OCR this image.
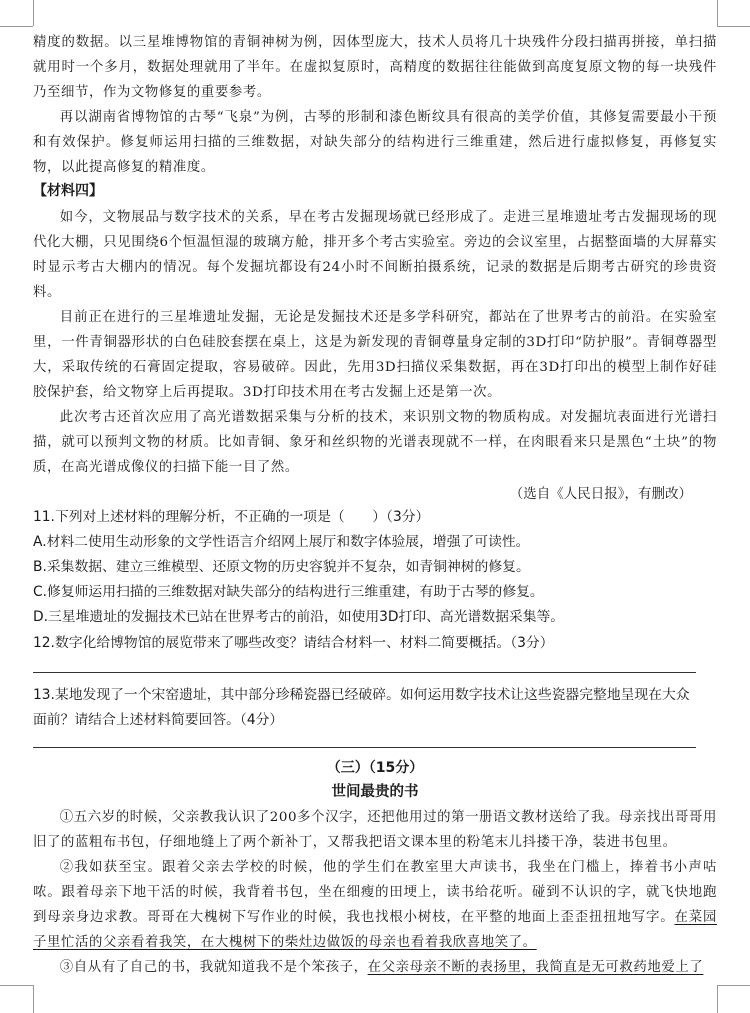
精度的数据。以三星堆博物馆的青铜神树为例，因体型庞大，技术人员将几十块残件分段扫描再拼接，单扫描就用时一个多月，数据处理就用了半年。在虚拟复原时，高精度的数据往往能做到高度复原文物的每一块残件乃至细节，作为文物修复的重要参考。

再以湖南省博物馆的古琴“飞泉”为例，古琴的形制和漆色断纹具有很高的美学价值，其修复需要最小干预和有效保护。修复师运用扫描的三维数据，对缺失部分的结构进行三维重建，然后进行虚拟修复，再修复实物，以此提高修复的精准度。

【材料四】

如今，文物展品与数字技术的关系，早在考古发掘现场就已经形成了。走进三星堆遗址考古发掘现场的现代化大棚，只见围绕6个恒温恒湿的玻璃方舱，排开多个考古实验室。旁边的会议室里，占据整面墙的大屏幕实时显示考古大棚内的情况。每个发掘坑都设有24小时不间断拍摄系统，记录的数据是后期考古研究的珍贵资料。

目前正在进行的三星堆遗址发掘，无论是发掘技术还是多学科研究，都站在了世界考古的前沿。在实验室里，一件青铜器形状的白色硅胶套摆在桌上，这是为新发现的青铜尊量身定制的3D打印“防护服”。青铜尊器型大，采取传统的石膏固定提取，容易破碎。因此，先用3D扫描仪采集数据，再在3D打印出的模型上制作好硅胶保护套，给文物穿上后再提取。3D打印技术用在考古发掘上还是第一次。

此次考古还首次应用了高光谱数据采集与分析的技术，来识别文物的物质构成。对发掘坑表面进行光谱扫描，就可以预判文物的材质。比如青铜、象牙和丝织物的光谱表现就不一样，在肉眼看来只是黑色“土块”的物质，在高光谱成像仪的扫描下能一目了然。

（选自《人民日报》，有删改）
11.下列对上述材料的理解分析，不正确的一项是（　　）（3分）
A.材料二使用生动形象的文学性语言介绍网上展厅和数字体验展，增强了可读性。
B.采集数据、建立三维模型、还原文物的历史容貌并不复杂，如青铜神树的修复。
C.修复师运用扫描的三维数据对缺失部分的结构进行三维重建，有助于古琴的修复。
D.三星堆遗址的发掘技术已站在世界考古的前沿，如使用3D打印、高光谱数据采集等。
12.数字化给博物馆的展览带来了哪些改变？请结合材料一、材料二简要概括。（3分）
13.某地发现了一个宋窑遗址，其中部分珍稀瓷器已经破碎。如何运用数字技术让这些瓷器完整地呈现在大众
面前？请结合上述材料简要回答。（4分）
（三）（15分）
世间最贵的书

①五六岁的时候，父亲教我认识了200多个汉字，还把他用过的第一册语文教材送给了我。母亲找出哥哥用旧了的蓝粗布书包，仔细地缝上了两个新补丁，又帮我把语文课本里的粉笔末儿抖搂干净，装进书包里。

②我如获至宝。跟着父亲去学校的时候，他的学生们在教室里大声读书，我坐在门槛上，捧着书小声咕哝。跟着母亲下地干活的时候，我背着书包，坐在细瘦的田埂上，读书给花听。碰到不认识的字，就飞快地跑到母亲身边求教。哥哥在大槐树下写作业的时候，我也找根小树枝，在平整的地面上歪歪扭扭地写字。在菜园子里忙活的父亲看着我笑，在大槐树下的柴灶边做饭的母亲也看着我欣喜地笑了。

③自从有了自己的书，我就知道我不是个笨孩子，在父亲母亲不断的表扬里，我简直是无可救药地爱上了
